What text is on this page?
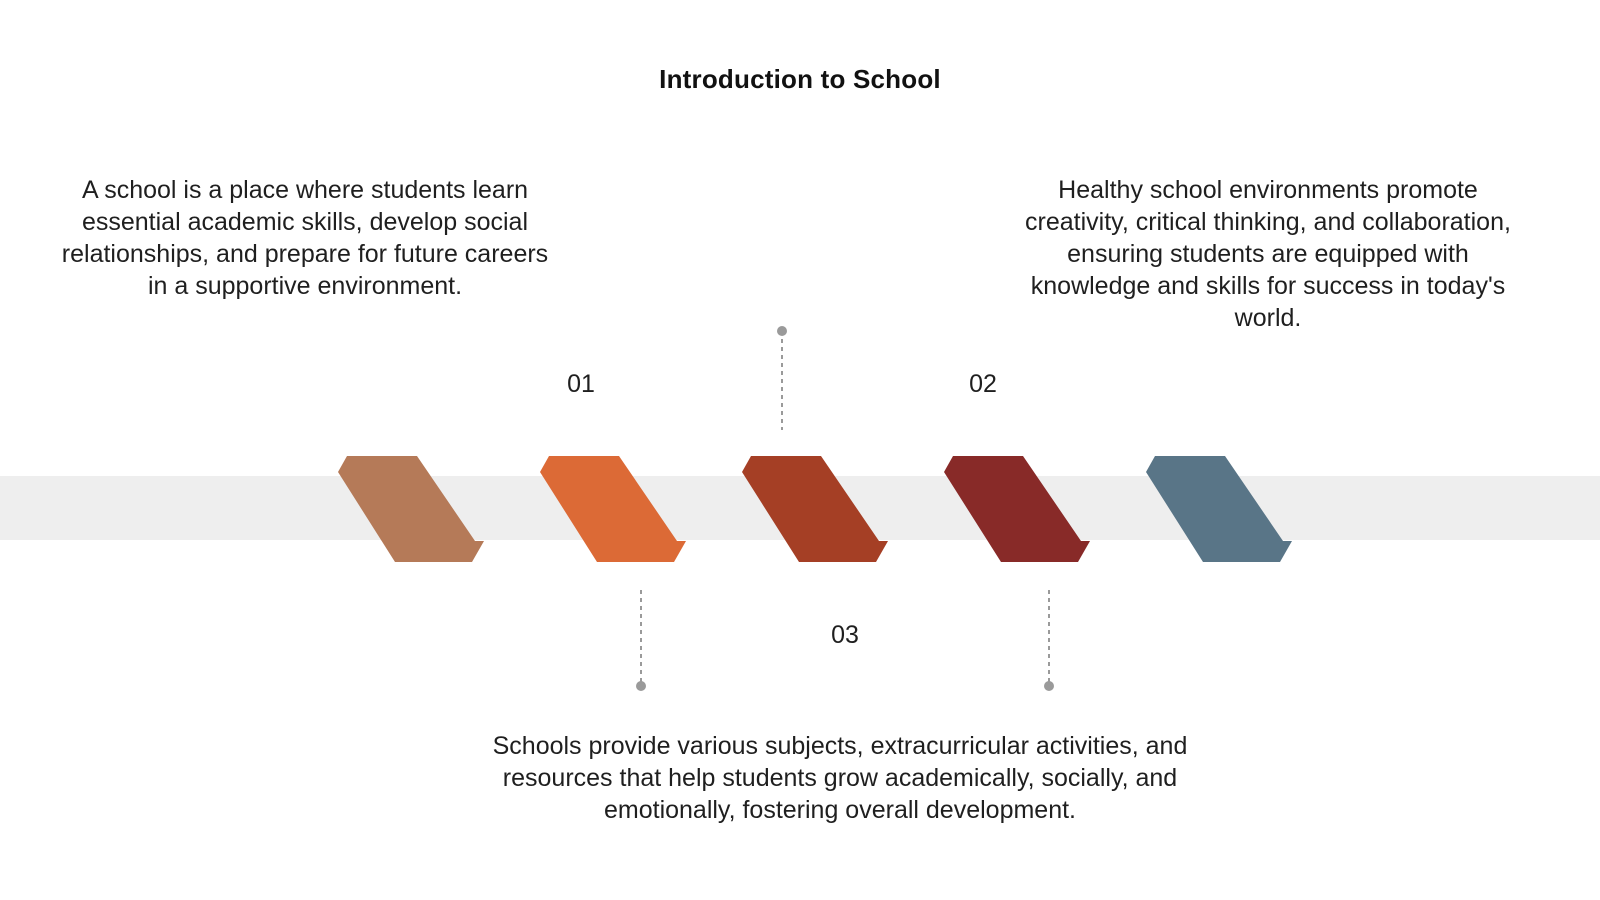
Introduction to School
A school is a place where students learn essential academic skills, develop social relationships, and prepare for future careers in a supportive environment.
Healthy school environments promote creativity, critical thinking, and collaboration, ensuring students are equipped with knowledge and skills for success in today's world.
Schools provide various subjects, extracurricular activities, and resources that help students grow academically, socially, and emotionally, fostering overall development.
01	02
03
